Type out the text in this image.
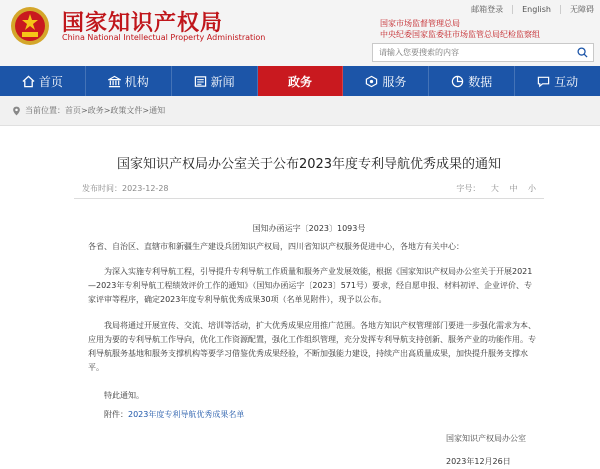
国家知识产权局
China National Intellectual Property Administration
邮箱登录 English 无障碍
国家市场监督管理总局
中央纪委国家监委驻市场监管总局纪检监察组
请输入您要搜索的内容
首页	机构	新闻	政务	服务	数据	互动
当前位置： 首页 > 政务 > 政策文件 > 通知
国家知识产权局办公室关于公布2023年度专利导航优秀成果的通知
发布时间：2023-12-28	字号： 大 中 小
国知办函运字〔2023〕1093号
各省、自治区、直辖市和新疆生产建设兵团知识产权局，四川省知识产权服务促进中心，各地方有关中心：
为深入实施专利导航工程，引导提升专利导航工作质量和服务产业发展效能，根据《国家知识产权局办公室关于开展2021—2023年专利导航工程绩效评价工作的通知》（国知办函运字〔2023〕571号）要求，经自愿申报、材料初评、企业评价、专家评审等程序，确定2023年度专利导航优秀成果30项（名单见附件），现予以公布。
我局将通过开展宣传、交流、培训等活动，扩大优秀成果应用推广范围。各地方知识产权管理部门要进一步强化需求为本、应用为要的专利导航工作导向，优化工作资源配置，强化工作组织管理，充分发挥专利导航支持创新、服务产业的功能作用。专利导航服务基地和服务支撑机构等要学习借鉴优秀成果经验，不断加强能力建设，持续产出高质量成果，加快提升服务支撑水平。
特此通知。
附件：2023年度专利导航优秀成果名单
国家知识产权局办公室
2023年12月26日
